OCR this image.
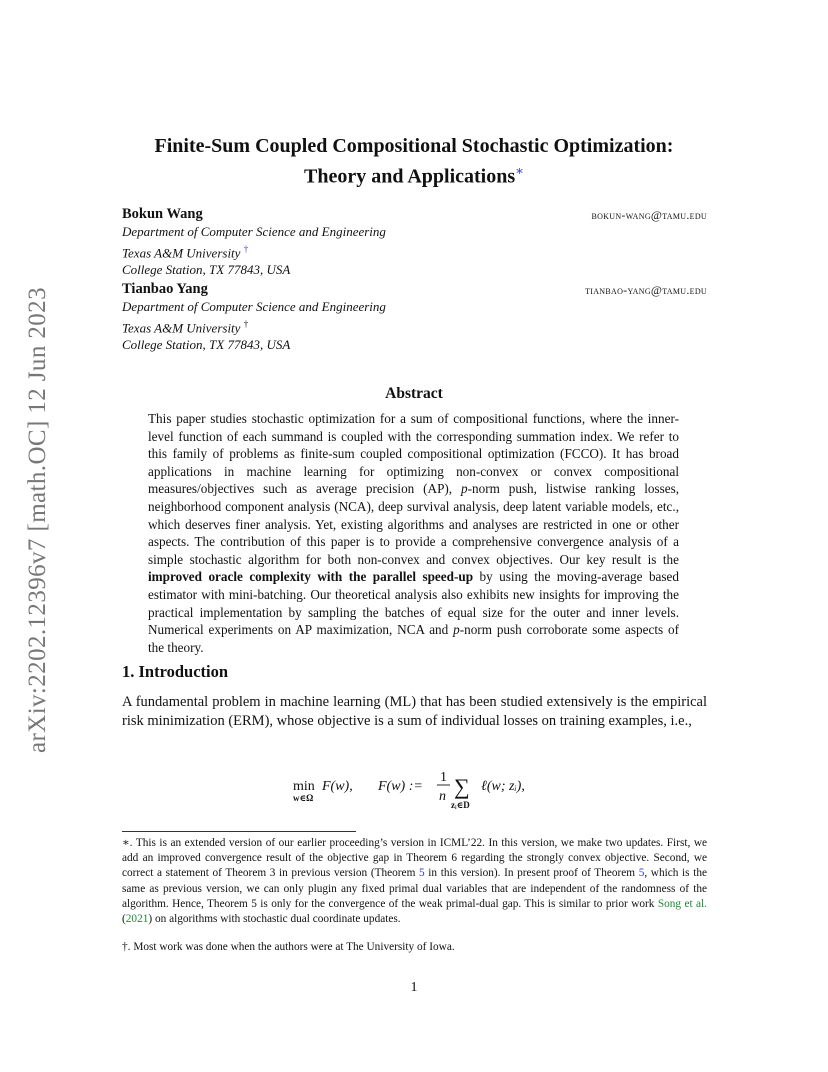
arXiv:2202.12396v7 [math.OC] 12 Jun 2023
Finite-Sum Coupled Compositional Stochastic Optimization:
Theory and Applications∗
Bokun Wang
Department of Computer Science and Engineering
Texas A&M University †
College Station, TX 77843, USA
bokun-wang@tamu.edu
Tianbao Yang
Department of Computer Science and Engineering
Texas A&M University †
College Station, TX 77843, USA
tianbao-yang@tamu.edu
Abstract
This paper studies stochastic optimization for a sum of compositional functions, where the inner-level function of each summand is coupled with the corresponding summation index. We refer to this family of problems as finite-sum coupled compositional optimization (FCCO). It has broad applications in machine learning for optimizing non-convex or convex compositional measures/objectives such as average precision (AP), p-norm push, listwise ranking losses, neighborhood component analysis (NCA), deep survival analysis, deep latent variable models, etc., which deserves finer analysis. Yet, existing algorithms and analyses are restricted in one or other aspects. The contribution of this paper is to provide a comprehensive convergence analysis of a simple stochastic algorithm for both non-convex and convex objectives. Our key result is the improved oracle complexity with the parallel speed-up by using the moving-average based estimator with mini-batching. Our theoretical analysis also exhibits new insights for improving the practical implementation by sampling the batches of equal size for the outer and inner levels. Numerical experiments on AP maximization, NCA and p-norm push corroborate some aspects of the theory.
1. Introduction
A fundamental problem in machine learning (ML) that has been studied extensively is the empirical risk minimization (ERM), whose objective is a sum of individual losses on training examples, i.e.,
min
w∈Ω
F(w), F(w) :=
1
n ∑
zᵢ∈D
ℓ(w; zᵢ),
∗. This is an extended version of our earlier proceeding’s version in ICML’22. In this version, we make two updates. First, we add an improved convergence result of the objective gap in Theorem 6 regarding the strongly convex objective. Second, we correct a statement of Theorem 3 in previous version (Theorem 5 in this version). In present proof of Theorem 5, which is the same as previous version, we can only plugin any fixed primal dual variables that are independent of the randomness of the algorithm. Hence, Theorem 5 is only for the convergence of the weak primal-dual gap. This is similar to prior work Song et al. (2021) on algorithms with stochastic dual coordinate updates.
†. Most work was done when the authors were at The University of Iowa.
1
